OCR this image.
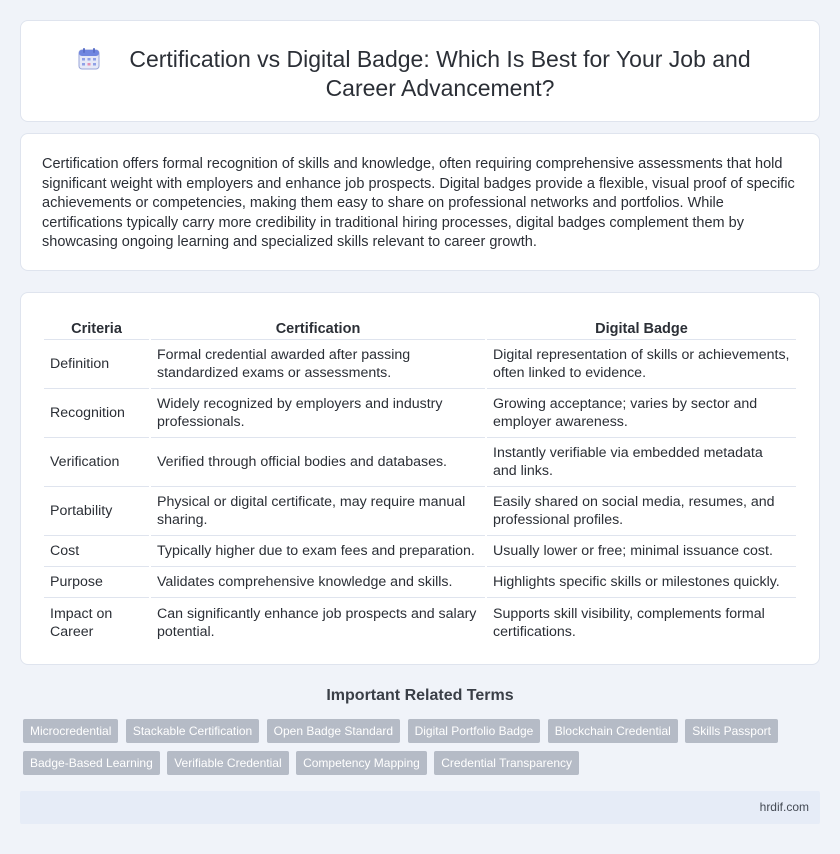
Certification vs Digital Badge: Which Is Best for Your Job and Career Advancement?

Certification offers formal recognition of skills and knowledge, often requiring comprehensive assessments that hold significant weight with employers and enhance job prospects. Digital badges provide a flexible, visual proof of specific achievements or competencies, making them easy to share on professional networks and portfolios. While certifications typically carry more credibility in traditional hiring processes, digital badges complement them by showcasing ongoing learning and specialized skills relevant to career growth.

Criteria	Certification	Digital Badge
Definition	Formal credential awarded after passing standardized exams or assessments.	Digital representation of skills or achievements, often linked to evidence.
Recognition	Widely recognized by employers and industry professionals.	Growing acceptance; varies by sector and employer awareness.
Verification	Verified through official bodies and databases.	Instantly verifiable via embedded metadata and links.
Portability	Physical or digital certificate, may require manual sharing.	Easily shared on social media, resumes, and professional profiles.
Cost	Typically higher due to exam fees and preparation.	Usually lower or free; minimal issuance cost.
Purpose	Validates comprehensive knowledge and skills.	Highlights specific skills or milestones quickly.
Impact on Career	Can significantly enhance job prospects and salary potential.	Supports skill visibility, complements formal certifications.
Important Related Terms
Microcredential Stackable Certification Open Badge Standard Digital Portfolio Badge Blockchain Credential Skills Passport Badge-Based Learning Verifiable Credential Competency Mapping Credential Transparency
hrdif.com
